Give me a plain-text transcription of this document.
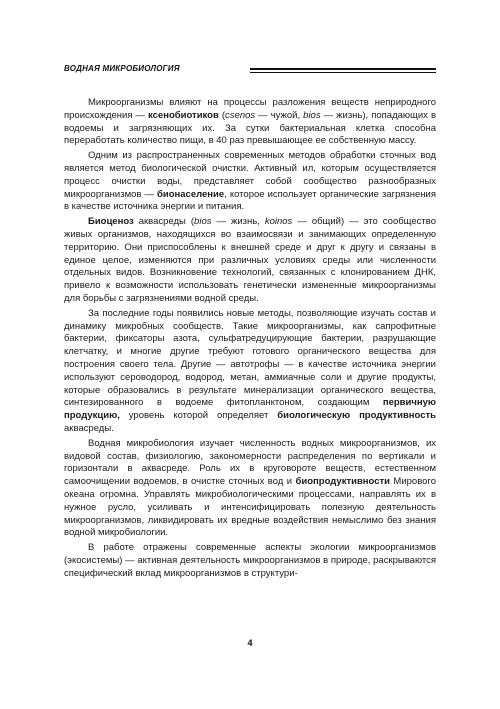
ВОДНАЯ МИКРОБИОЛОГИЯ

Микроорганизмы влияют на процессы разложения веществ неприродного происхождения — ксенобиотиков (csenos — чужой, bios — жизнь), попадающих в водоемы и загрязняющих их. За сутки бактериальная клетка способна переработать количество пищи, в 40 раз превышающее ее собственную массу.

Одним из распространенных современных методов обработки сточных вод является метод биологической очистки. Активный ил, которым осуществляется процесс очистки воды, представляет собой сообщество разнообразных микроорганизмов — бионаселение, которое использует органические загрязнения в качестве источника энергии и питания.

Биоценоз аквасреды (bios — жизнь, koinos — общий) — это сообщество живых организмов, находящихся во взаимосвязи и занимающих определенную территорию. Они приспособлены к внешней среде и друг к другу и связаны в единое целое, изменяются при различных условиях среды или численности отдельных видов. Возникновение технологий, связанных с клонированием ДНК, привело к возможности использовать генетически измененные микроорганизмы для борьбы с загрязнениями водной среды.

За последние годы появились новые методы, позволяющие изучать состав и динамику микробных сообществ. Такие микроорганизмы, как сапрофитные бактерии, фиксаторы азота, сульфатредуцирующие бактерии, разрушающие клетчатку, и многие другие требуют готового органического вещества для построения своего тела. Другие — автотрофы — в качестве источника энергии используют сероводород, водород, метан, аммиачные соли и другие продукты, которые образовались в результате минерализации органического вещества, синтезированного в водоеме фитопланктоном, создающим первичную продукцию, уровень которой определяет биологическую продуктивность аквасреды.

Водная микробиология изучает численность водных микроорганизмов, их видовой состав, физиологию, закономерности распределения по вертикали и горизонтали в аквасреде. Роль их в круговороте веществ, естественном самоочищении водоемов, в очистке сточных вод и биопродуктивности Мирового океана огромна. Управлять микробиологическими процессами, направлять их в нужное русло, усиливать и интенсифицировать полезную деятельность микроорганизмов, ликвидировать их вредные воздействия немыслимо без знания водной микробиологии.

В работе отражены современные аспекты экологии микроорганизмов (экосистемы) — активная деятельность микроорганизмов в природе, раскрываются специфический вклад микроорганизмов в структури-

4
